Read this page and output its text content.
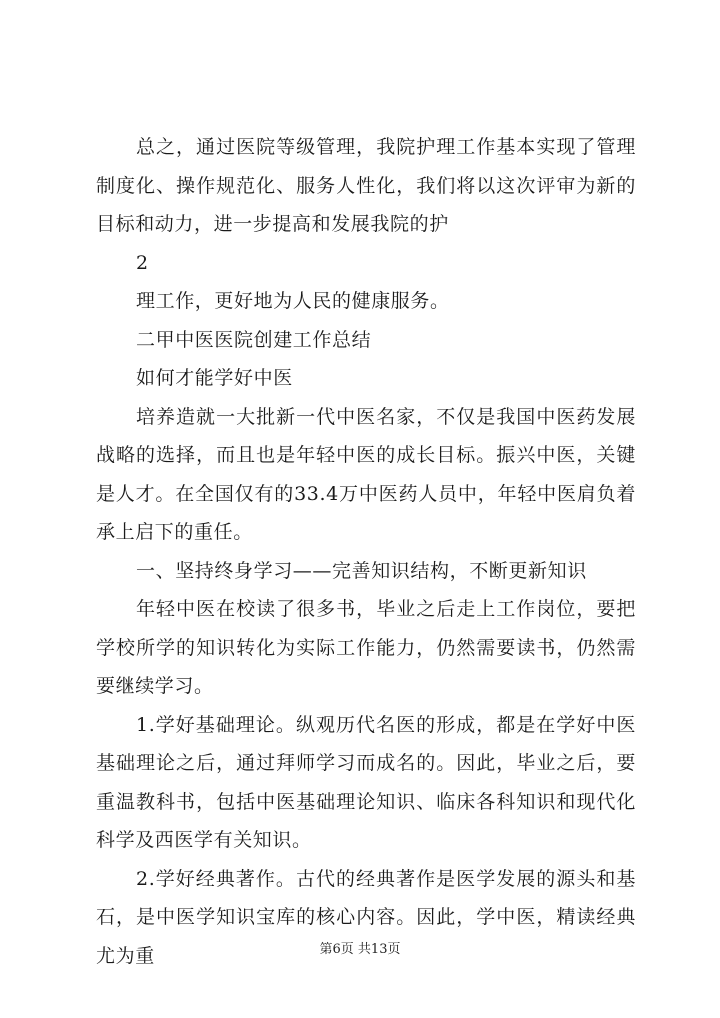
总之，通过医院等级管理，我院护理工作基本实现了管理制度化、操作规范化、服务人性化，我们将以这次评审为新的目标和动力，进一步提高和发展我院的护

2

理工作，更好地为人民的健康服务。

二甲中医医院创建工作总结

如何才能学好中医

培养造就一大批新一代中医名家，不仅是我国中医药发展战略的选择，而且也是年轻中医的成长目标。振兴中医，关键是人才。在全国仅有的33.4万中医药人员中，年轻中医肩负着承上启下的重任。

一、坚持终身学习——完善知识结构，不断更新知识

年轻中医在校读了很多书，毕业之后走上工作岗位，要把学校所学的知识转化为实际工作能力，仍然需要读书，仍然需要继续学习。

1.学好基础理论。纵观历代名医的形成，都是在学好中医基础理论之后，通过拜师学习而成名的。因此，毕业之后，要重温教科书，包括中医基础理论知识、临床各科知识和现代化科学及西医学有关知识。

2.学好经典著作。古代的经典著作是医学发展的源头和基石，是中医学知识宝库的核心内容。因此，学中医，精读经典尤为重	第6页 共13页
